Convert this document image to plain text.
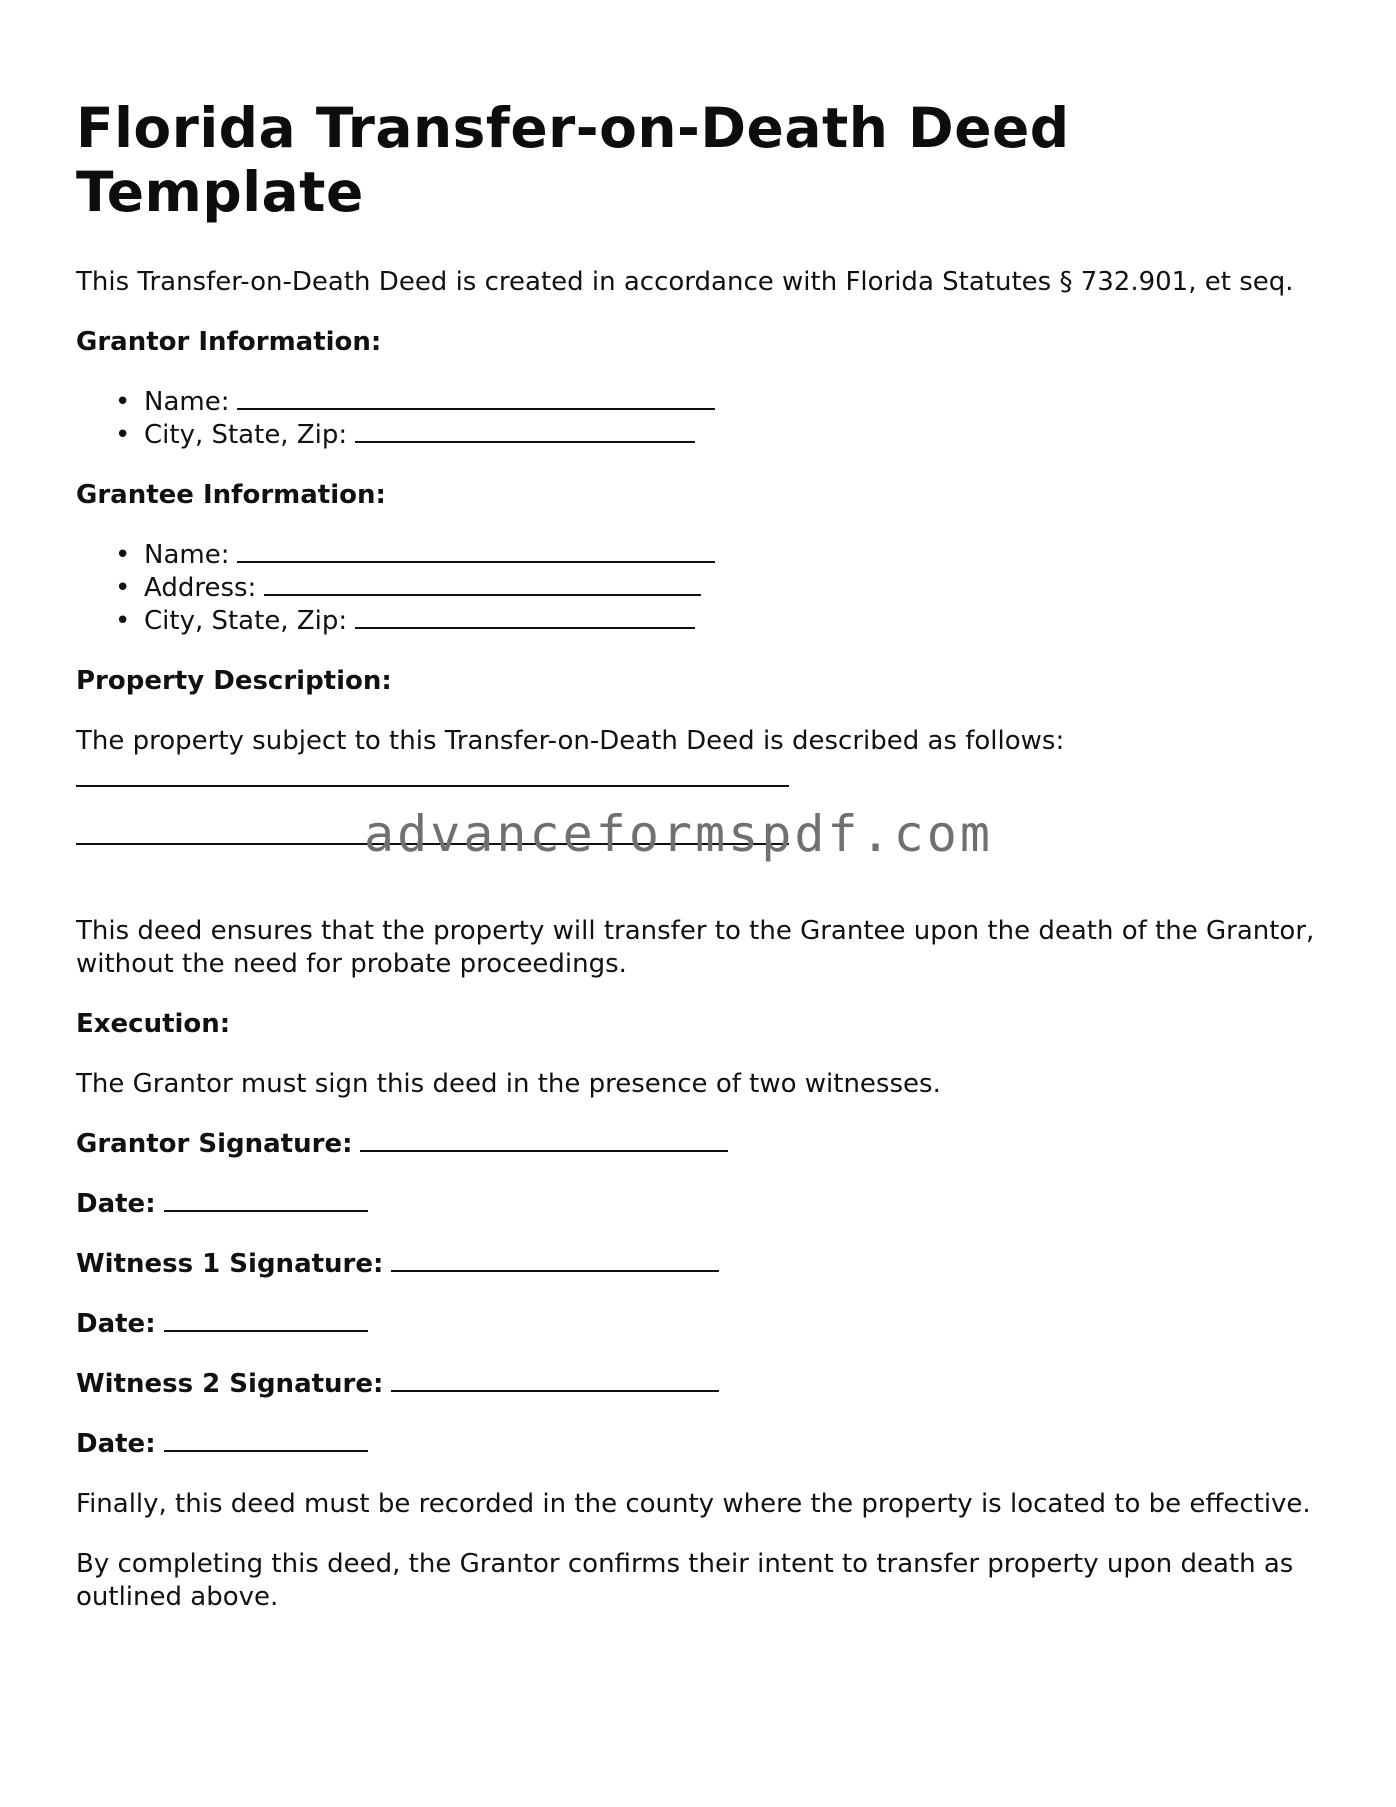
Florida Transfer-on-Death Deed Template

This Transfer-on-Death Deed is created in accordance with Florida Statutes § 732.901, et seq.

Grantor Information:
• Name:
• City, State, Zip:
Grantee Information:
• Name:
• Address:
• City, State, Zip:
Property Description:

The property subject to this Transfer-on-Death Deed is described as follows:

advanceformspdf.com

This deed ensures that the property will transfer to the Grantee upon the death of the Grantor, without the need for probate proceedings.

Execution:

The Grantor must sign this deed in the presence of two witnesses.

Grantor Signature:
Date:
Witness 1 Signature:
Date:
Witness 2 Signature:
Date:

Finally, this deed must be recorded in the county where the property is located to be effective.

By completing this deed, the Grantor confirms their intent to transfer property upon death as outlined above.
